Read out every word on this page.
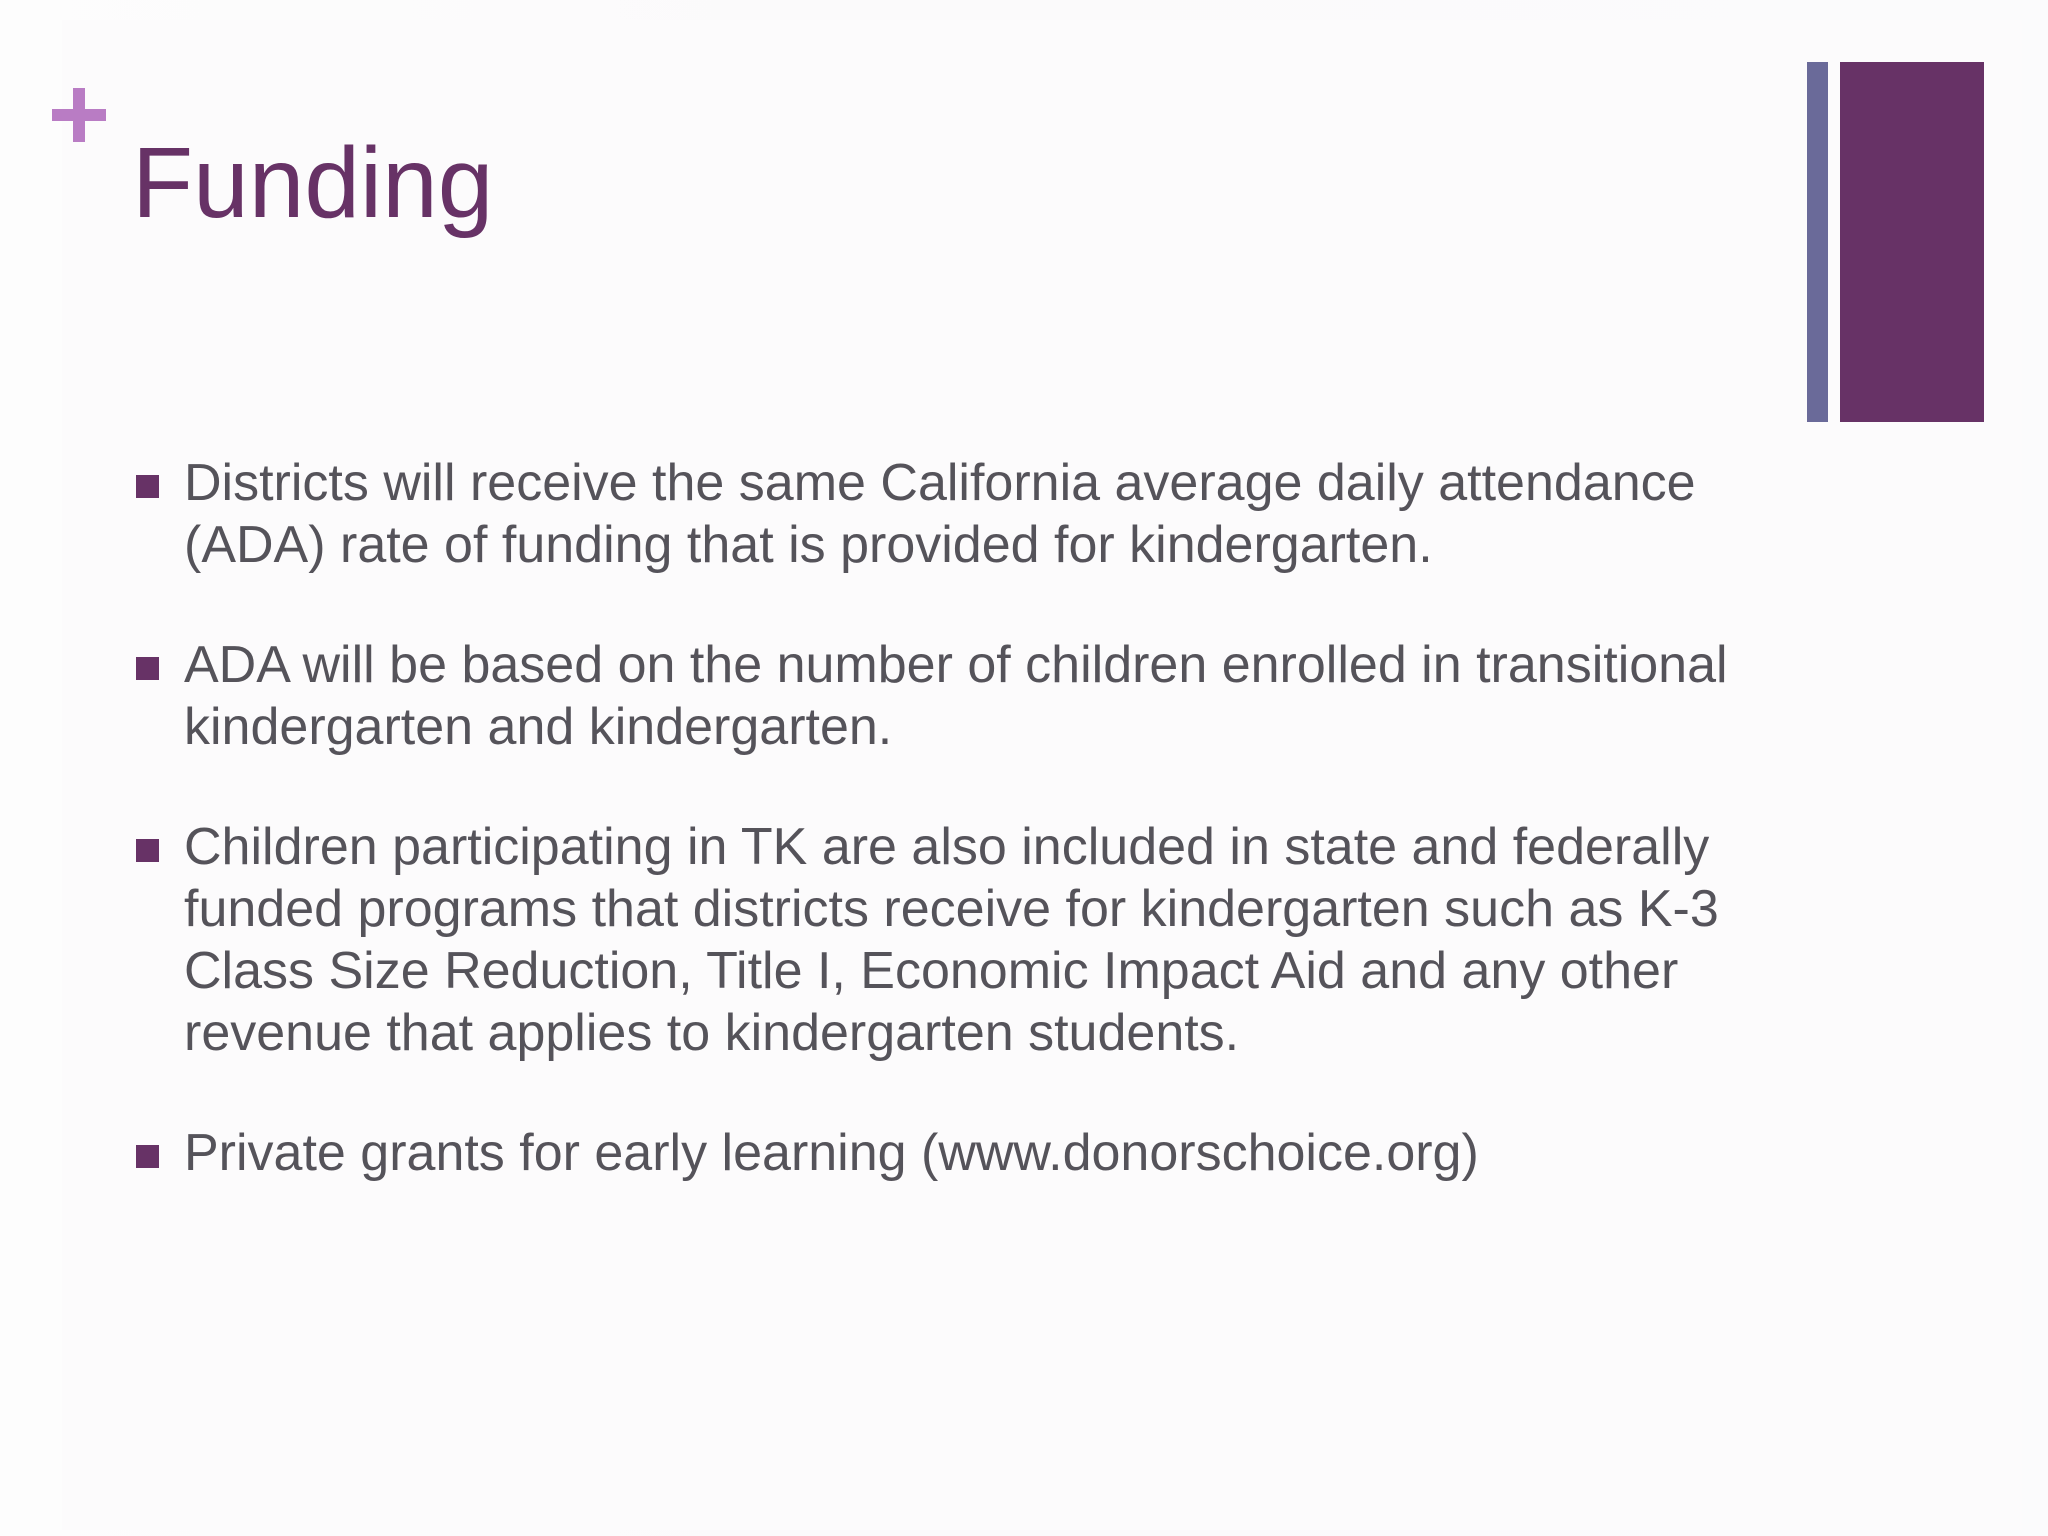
Funding
Districts will receive the same California average daily attendance (ADA) rate of funding that is provided for kindergarten.
ADA will be based on the number of children enrolled in transitional kindergarten and kindergarten.
Children participating in TK are also included in state and federally funded programs that districts receive for kindergarten such as K-3 Class Size Reduction, Title I, Economic Impact Aid and any other revenue that applies to kindergarten students.
Private grants for early learning (www.donorschoice.org)
